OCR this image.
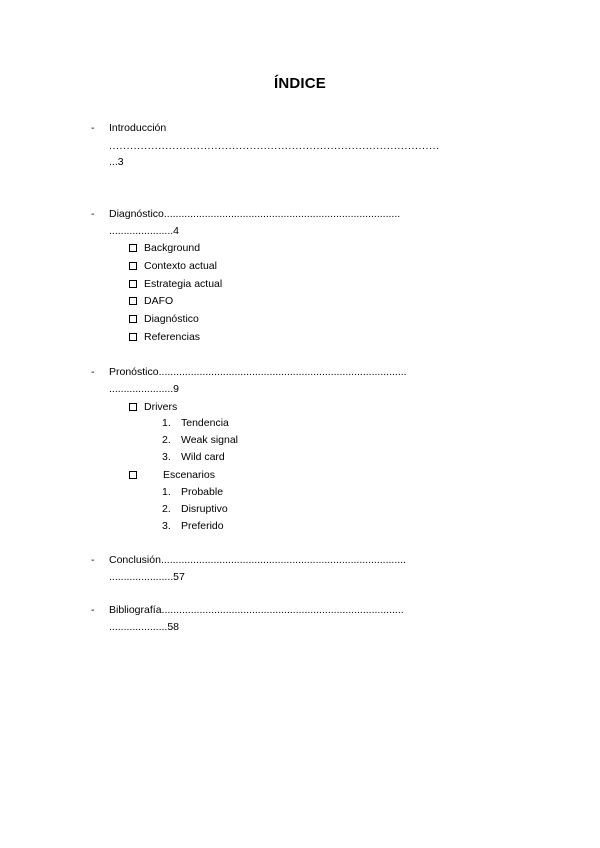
ÍNDICE
- Introducción
..............................................................................................
...3
- Diagnóstico.................................................................................
......................4
Background
Contexto actual
Estrategia actual
DAFO
Diagnóstico
Referencias
- Pronóstico.....................................................................................
......................9
Drivers
1. Tendencia
2. Weak signal
3. Wild card
Escenarios
1. Probable
2. Disruptivo
3. Preferido
- Conclusión....................................................................................
......................57
- Bibliografía...................................................................................
....................58
